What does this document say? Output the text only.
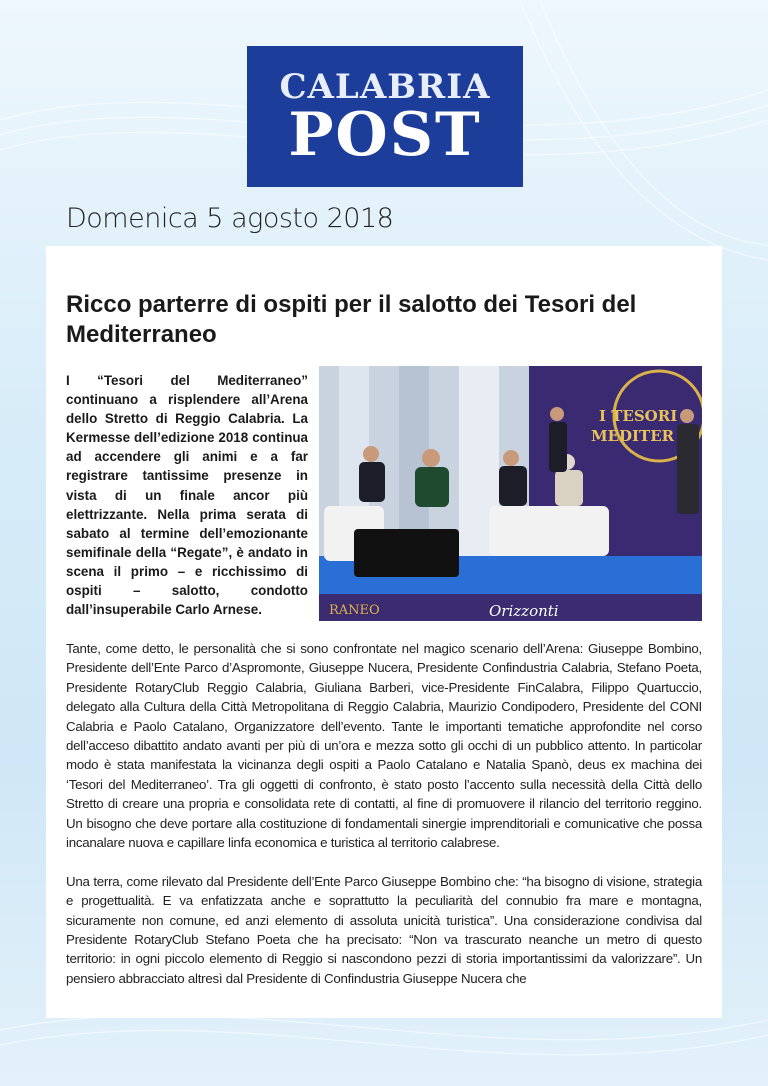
CALABRIA
POST
Domenica 5 agosto 2018
Ricco parterre di ospiti per il salotto dei Tesori del Mediterraneo
I “Tesori del Mediterraneo” continuano a risplendere all’Arena dello Stretto di Reggio Calabria. La Kermesse dell’edizione 2018 continua ad accendere gli animi e a far registrare tantissime presenze in vista di un finale ancor più elettrizzante. Nella prima serata di sabato al termine dell’emozionante semifinale della “Regate”, è andato in scena il primo – e ricchissimo di ospiti – salotto, condotto dall’insuperabile Carlo Arnese.
I TESORI
MEDITER
RANEO	Orizzonti

Tante, come detto, le personalità che si sono confrontate nel magico scenario dell’Arena: Giuseppe Bombino, Presidente dell’Ente Parco d’Aspromonte, Giuseppe Nucera, Presidente Confindustria Calabria, Stefano Poeta, Presidente RotaryClub Reggio Calabria, Giuliana Barberi, vice-Presidente FinCalabra, Filippo Quartuccio, delegato alla Cultura della Città Metropolitana di Reggio Calabria, Maurizio Condipodero, Presidente del CONI Calabria e Paolo Catalano, Organizzatore dell’evento. Tante le importanti tematiche approfondite nel corso dell’acceso dibattito andato avanti per più di un’ora e mezza sotto gli occhi di un pubblico attento. In particolar modo è stata manifestata la vicinanza degli ospiti a Paolo Catalano e Natalia Spanò, deus ex machina dei ‘Tesori del Mediterraneo’. Tra gli oggetti di confronto, è stato posto l’accento sulla necessità della Città dello Stretto di creare una propria e consolidata rete di contatti, al fine di promuovere il rilancio del territorio reggino. Un bisogno che deve portare alla costituzione di fondamentali sinergie imprenditoriali e comunicative che possa incanalare nuova e capillare linfa economica e turistica al territorio calabrese.

Una terra, come rilevato dal Presidente dell’Ente Parco Giuseppe Bombino che: “ha bisogno di visione, strategia e progettualità. E va enfatizzata anche e soprattutto la peculiarità del connubio fra mare e montagna, sicuramente non comune, ed anzi elemento di assoluta unicità turistica”. Una considerazione condivisa dal Presidente RotaryClub Stefano Poeta che ha precisato: “Non va trascurato neanche un metro di questo territorio: in ogni piccolo elemento di Reggio si nascondono pezzi di storia importantissimi da valorizzare”. Un pensiero abbracciato altresì dal Presidente di Confindustria Giuseppe Nucera che
